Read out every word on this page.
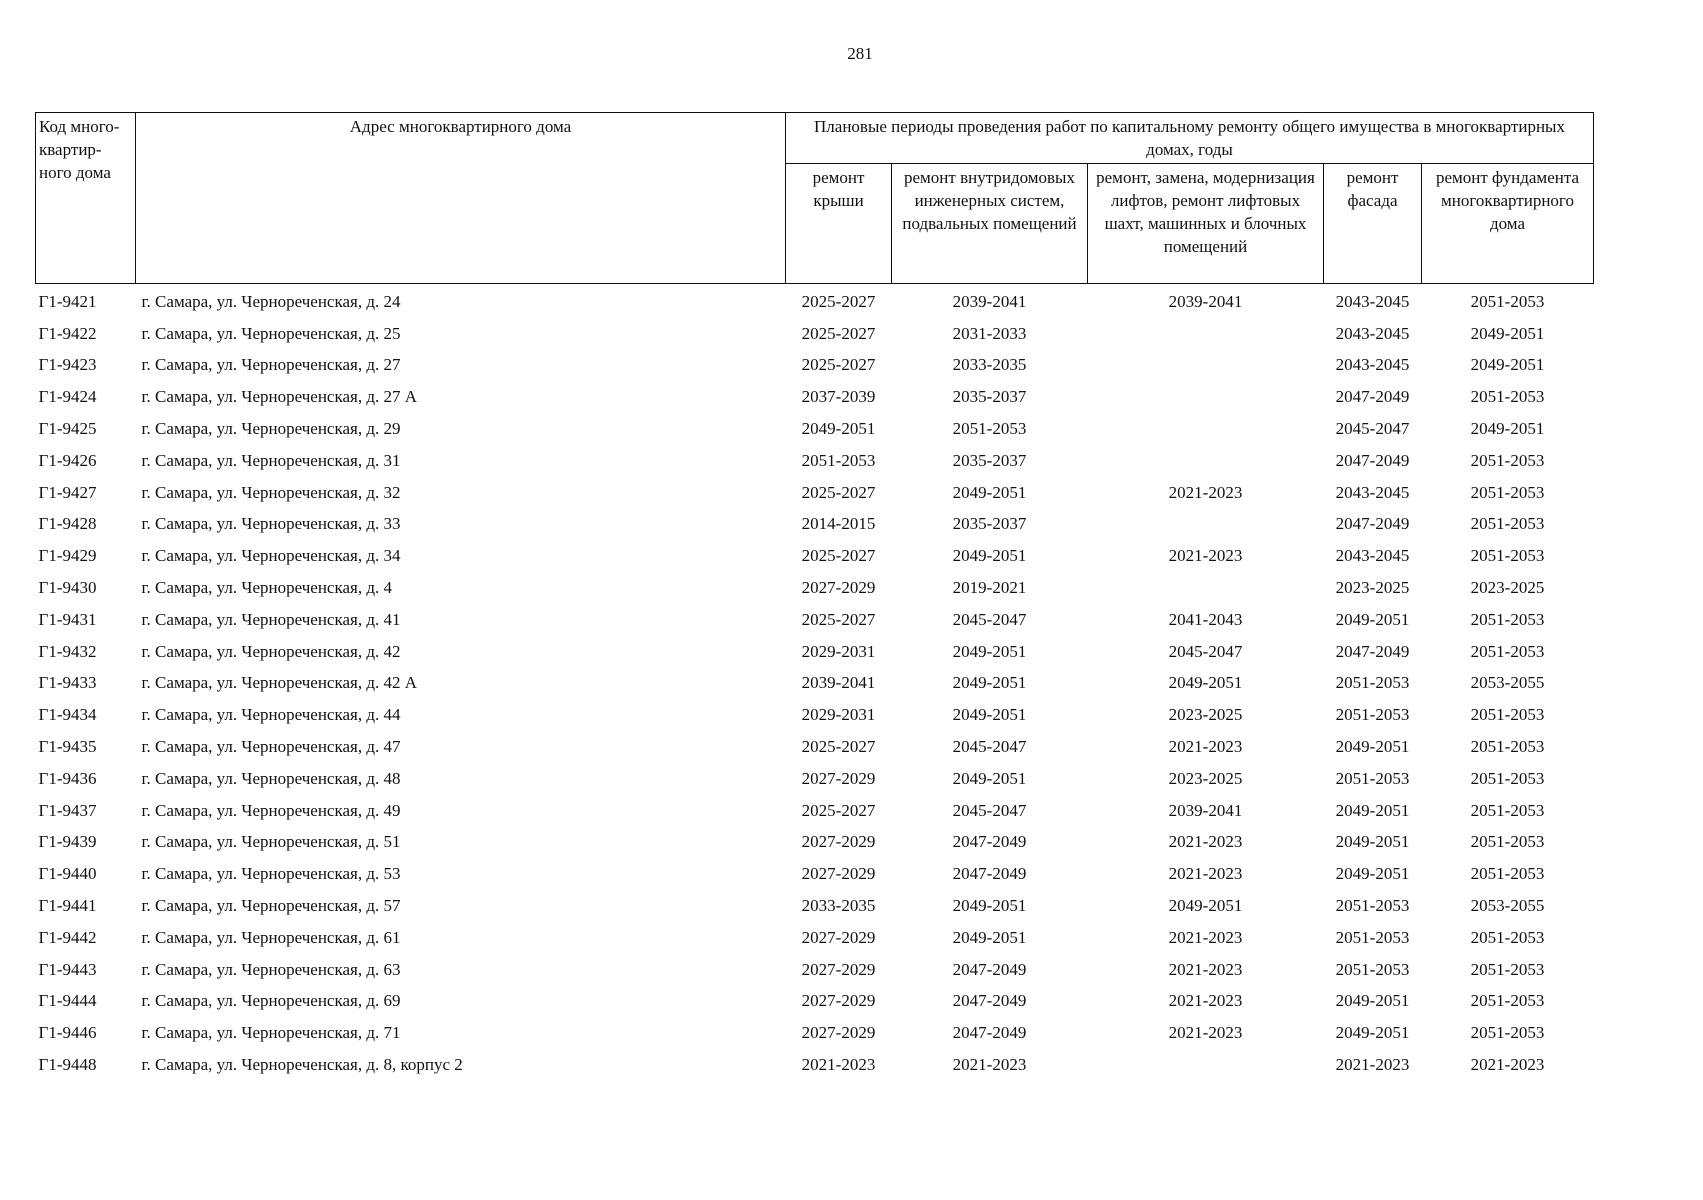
281
Код много-квартир-ного дома	Адрес многоквартирного дома	Плановые периоды проведения работ по капитальному ремонту общего имущества в многоквартирных домах, годы				
		ремонт крыши	ремонт внутридомовых инженерных систем, подвальных помещений	ремонт, замена, модернизация лифтов, ремонт лифтовых шахт, машинных и блочных помещений	ремонт фасада	ремонт фундамента многоквартирного дома
Г1-9421	г. Самара, ул. Чернореченская, д. 24	2025-2027	2039-2041	2039-2041	2043-2045	2051-2053
Г1-9422	г. Самара, ул. Чернореченская, д. 25	2025-2027	2031-2033		2043-2045	2049-2051
Г1-9423	г. Самара, ул. Чернореченская, д. 27	2025-2027	2033-2035		2043-2045	2049-2051
Г1-9424	г. Самара, ул. Чернореченская, д. 27 А	2037-2039	2035-2037		2047-2049	2051-2053
Г1-9425	г. Самара, ул. Чернореченская, д. 29	2049-2051	2051-2053		2045-2047	2049-2051
Г1-9426	г. Самара, ул. Чернореченская, д. 31	2051-2053	2035-2037		2047-2049	2051-2053
Г1-9427	г. Самара, ул. Чернореченская, д. 32	2025-2027	2049-2051	2021-2023	2043-2045	2051-2053
Г1-9428	г. Самара, ул. Чернореченская, д. 33	2014-2015	2035-2037		2047-2049	2051-2053
Г1-9429	г. Самара, ул. Чернореченская, д. 34	2025-2027	2049-2051	2021-2023	2043-2045	2051-2053
Г1-9430	г. Самара, ул. Чернореченская, д. 4	2027-2029	2019-2021		2023-2025	2023-2025
Г1-9431	г. Самара, ул. Чернореченская, д. 41	2025-2027	2045-2047	2041-2043	2049-2051	2051-2053
Г1-9432	г. Самара, ул. Чернореченская, д. 42	2029-2031	2049-2051	2045-2047	2047-2049	2051-2053
Г1-9433	г. Самара, ул. Чернореченская, д. 42 А	2039-2041	2049-2051	2049-2051	2051-2053	2053-2055
Г1-9434	г. Самара, ул. Чернореченская, д. 44	2029-2031	2049-2051	2023-2025	2051-2053	2051-2053
Г1-9435	г. Самара, ул. Чернореченская, д. 47	2025-2027	2045-2047	2021-2023	2049-2051	2051-2053
Г1-9436	г. Самара, ул. Чернореченская, д. 48	2027-2029	2049-2051	2023-2025	2051-2053	2051-2053
Г1-9437	г. Самара, ул. Чернореченская, д. 49	2025-2027	2045-2047	2039-2041	2049-2051	2051-2053
Г1-9439	г. Самара, ул. Чернореченская, д. 51	2027-2029	2047-2049	2021-2023	2049-2051	2051-2053
Г1-9440	г. Самара, ул. Чернореченская, д. 53	2027-2029	2047-2049	2021-2023	2049-2051	2051-2053
Г1-9441	г. Самара, ул. Чернореченская, д. 57	2033-2035	2049-2051	2049-2051	2051-2053	2053-2055
Г1-9442	г. Самара, ул. Чернореченская, д. 61	2027-2029	2049-2051	2021-2023	2051-2053	2051-2053
Г1-9443	г. Самара, ул. Чернореченская, д. 63	2027-2029	2047-2049	2021-2023	2051-2053	2051-2053
Г1-9444	г. Самара, ул. Чернореченская, д. 69	2027-2029	2047-2049	2021-2023	2049-2051	2051-2053
Г1-9446	г. Самара, ул. Чернореченская, д. 71	2027-2029	2047-2049	2021-2023	2049-2051	2051-2053
Г1-9448	г. Самара, ул. Чернореченская, д. 8, корпус 2	2021-2023	2021-2023		2021-2023	2021-2023
